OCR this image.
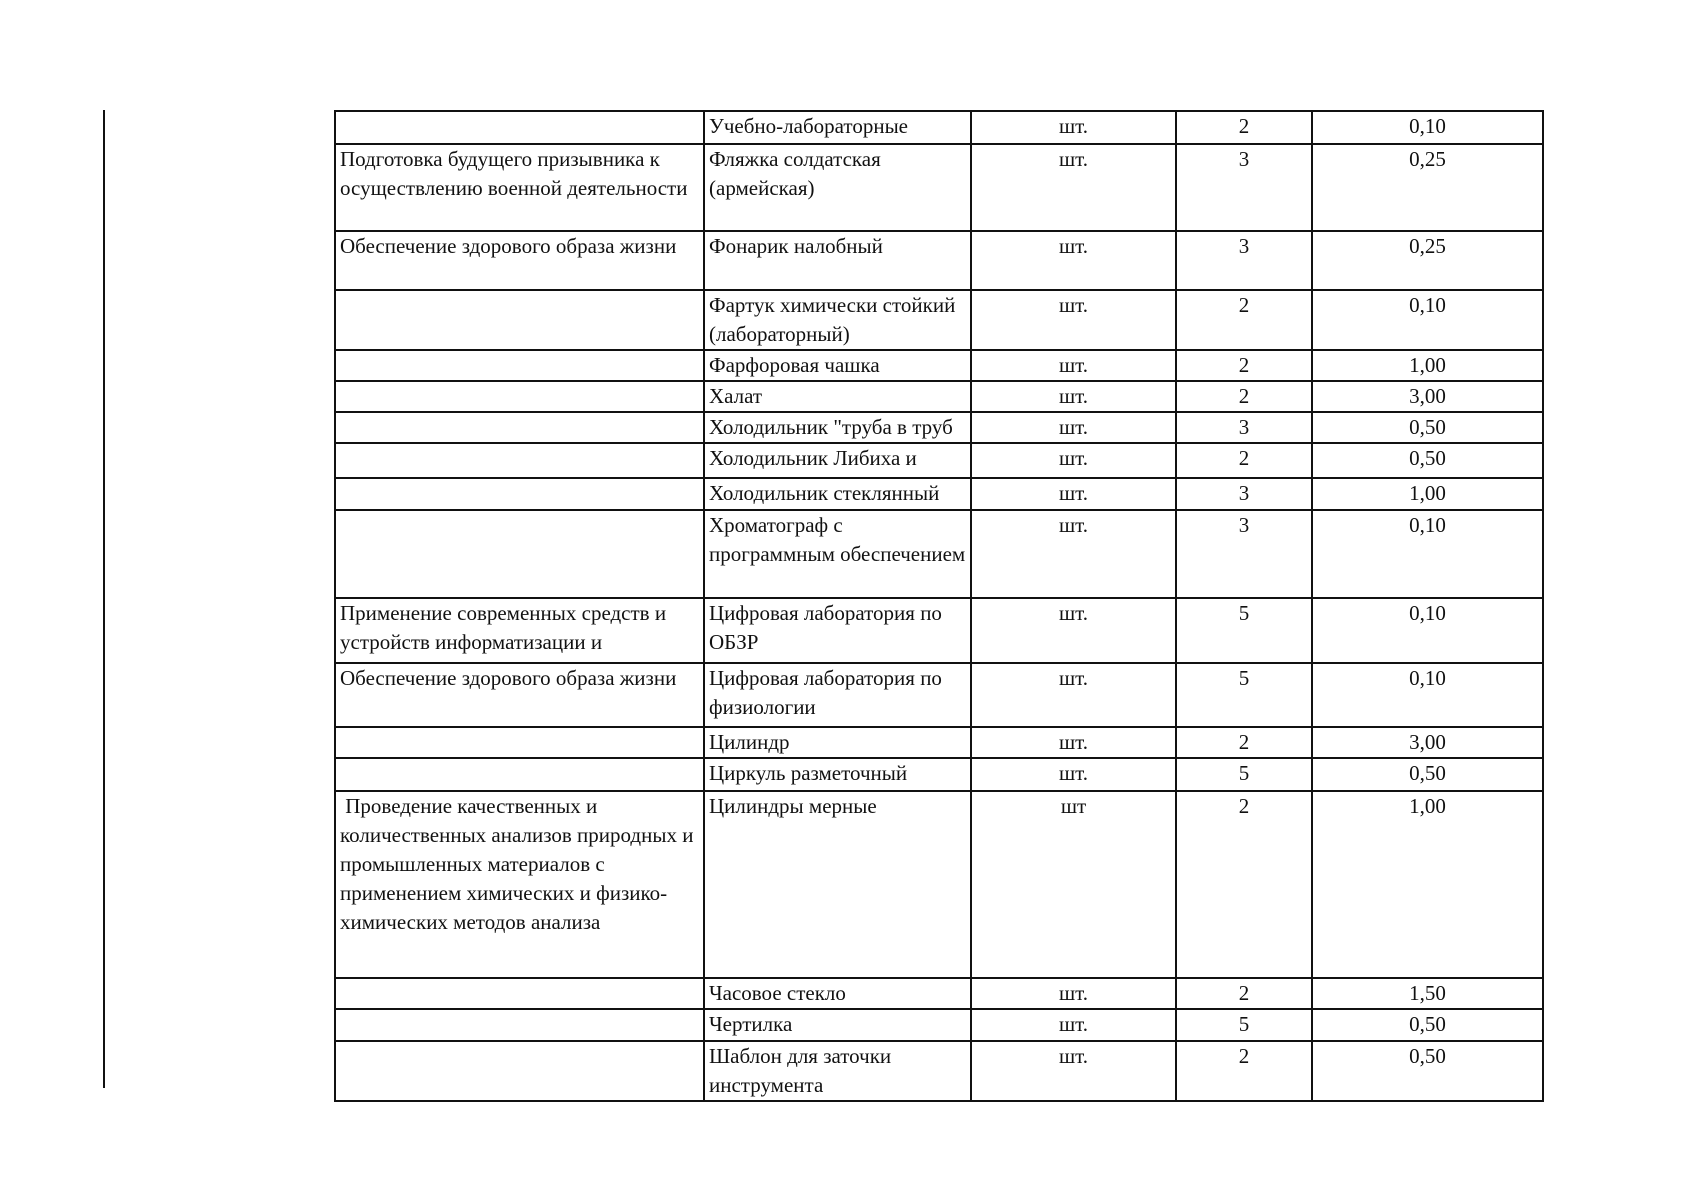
	Учебно-лабораторные	шт.	2	0,10
Подготовка будущего призывника к осуществлению военной деятельности	Фляжка солдатская (армейская)	шт.	3	0,25
Обеспечение здорового образа жизни	Фонарик налобный	шт.	3	0,25
	Фартук химически стойкий (лабораторный)	шт.	2	0,10
	Фарфоровая чашка	шт.	2	1,00
	Халат	шт.	2	3,00
	Холодильник "труба в труб	шт.	3	0,50
	Холодильник Либиха и	шт.	2	0,50
	Холодильник стеклянный	шт.	3	1,00
	Хроматограф с программным обеспечением	шт.	3	0,10
Применение современных средств и устройств информатизации и	Цифровая лаборатория по ОБЗР	шт.	5	0,10
Обеспечение здорового образа жизни	Цифровая лаборатория по физиологии	шт.	5	0,10
	Цилиндр	шт.	2	3,00
	Циркуль разметочный	шт.	5	0,50
Проведение качественных и количественных анализов природных и промышленных материалов с применением химических и физико-химических методов анализа	Цилиндры мерные	шт	2	1,00
	Часовое стекло	шт.	2	1,50
	Чертилка	шт.	5	0,50
	Шаблон для заточки инструмента	шт.	2	0,50
